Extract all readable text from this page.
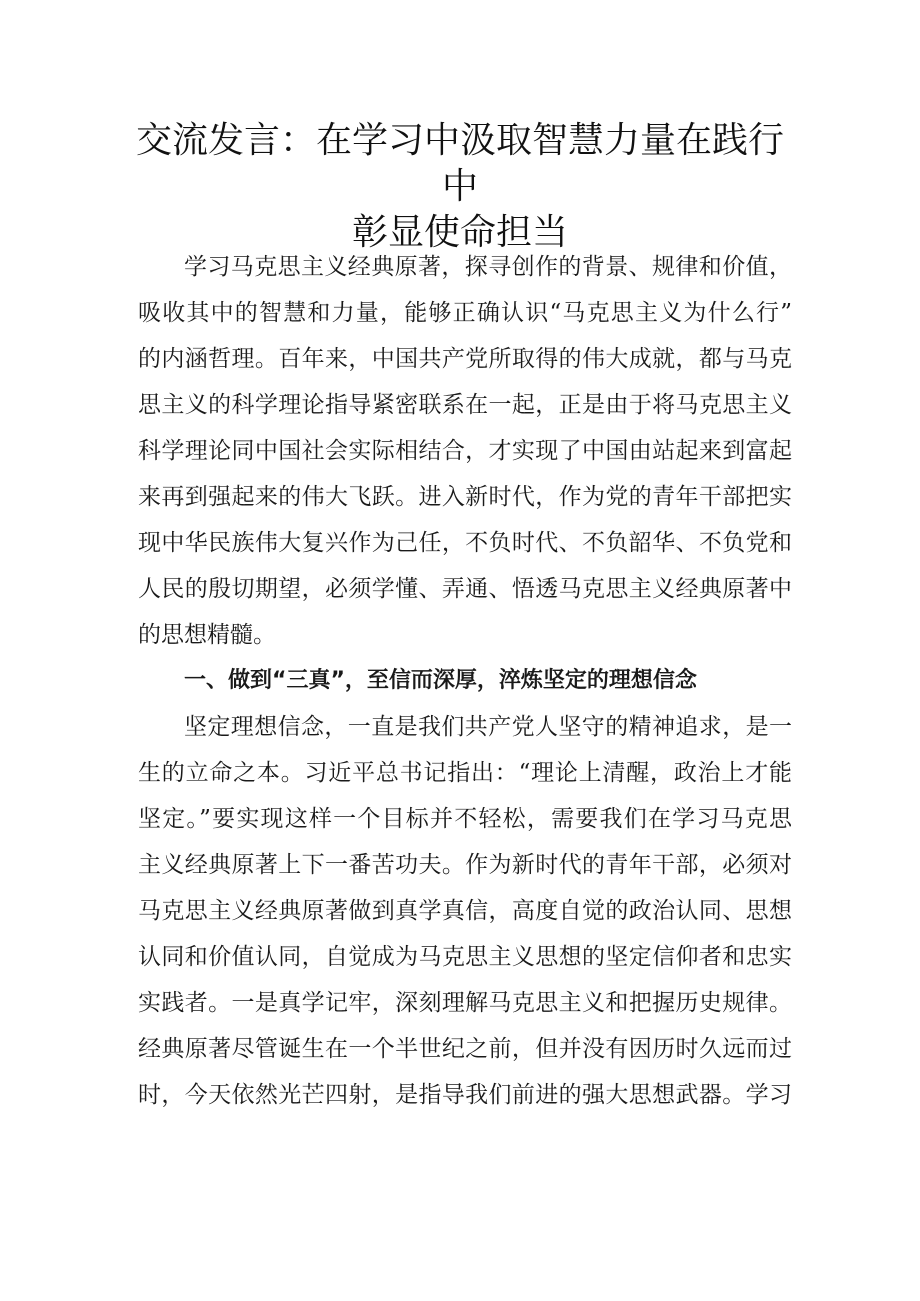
交流发言：在学习中汲取智慧力量在践行中
彰显使命担当
学习马克思主义经典原著，探寻创作的背景、规律和价值，
吸收其中的智慧和力量，能够正确认识“马克思主义为什么行”
的内涵哲理。百年来，中国共产党所取得的伟大成就，都与马克
思主义的科学理论指导紧密联系在一起，正是由于将马克思主义
科学理论同中国社会实际相结合，才实现了中国由站起来到富起
来再到强起来的伟大飞跃。进入新时代，作为党的青年干部把实
现中华民族伟大复兴作为己任，不负时代、不负韶华、不负党和
人民的殷切期望，必须学懂、弄通、悟透马克思主义经典原著中
的思想精髓。
一、做到“三真”，至信而深厚，淬炼坚定的理想信念
坚定理想信念，一直是我们共产党人坚守的精神追求，是一
生的立命之本。习近平总书记指出：“理论上清醒，政治上才能
坚定。”要实现这样一个目标并不轻松，需要我们在学习马克思
主义经典原著上下一番苦功夫。作为新时代的青年干部，必须对
马克思主义经典原著做到真学真信，高度自觉的政治认同、思想
认同和价值认同，自觉成为马克思主义思想的坚定信仰者和忠实
实践者。一是真学记牢，深刻理解马克思主义和把握历史规律。
经典原著尽管诞生在一个半世纪之前，但并没有因历时久远而过
时，今天依然光芒四射，是指导我们前进的强大思想武器。学习
